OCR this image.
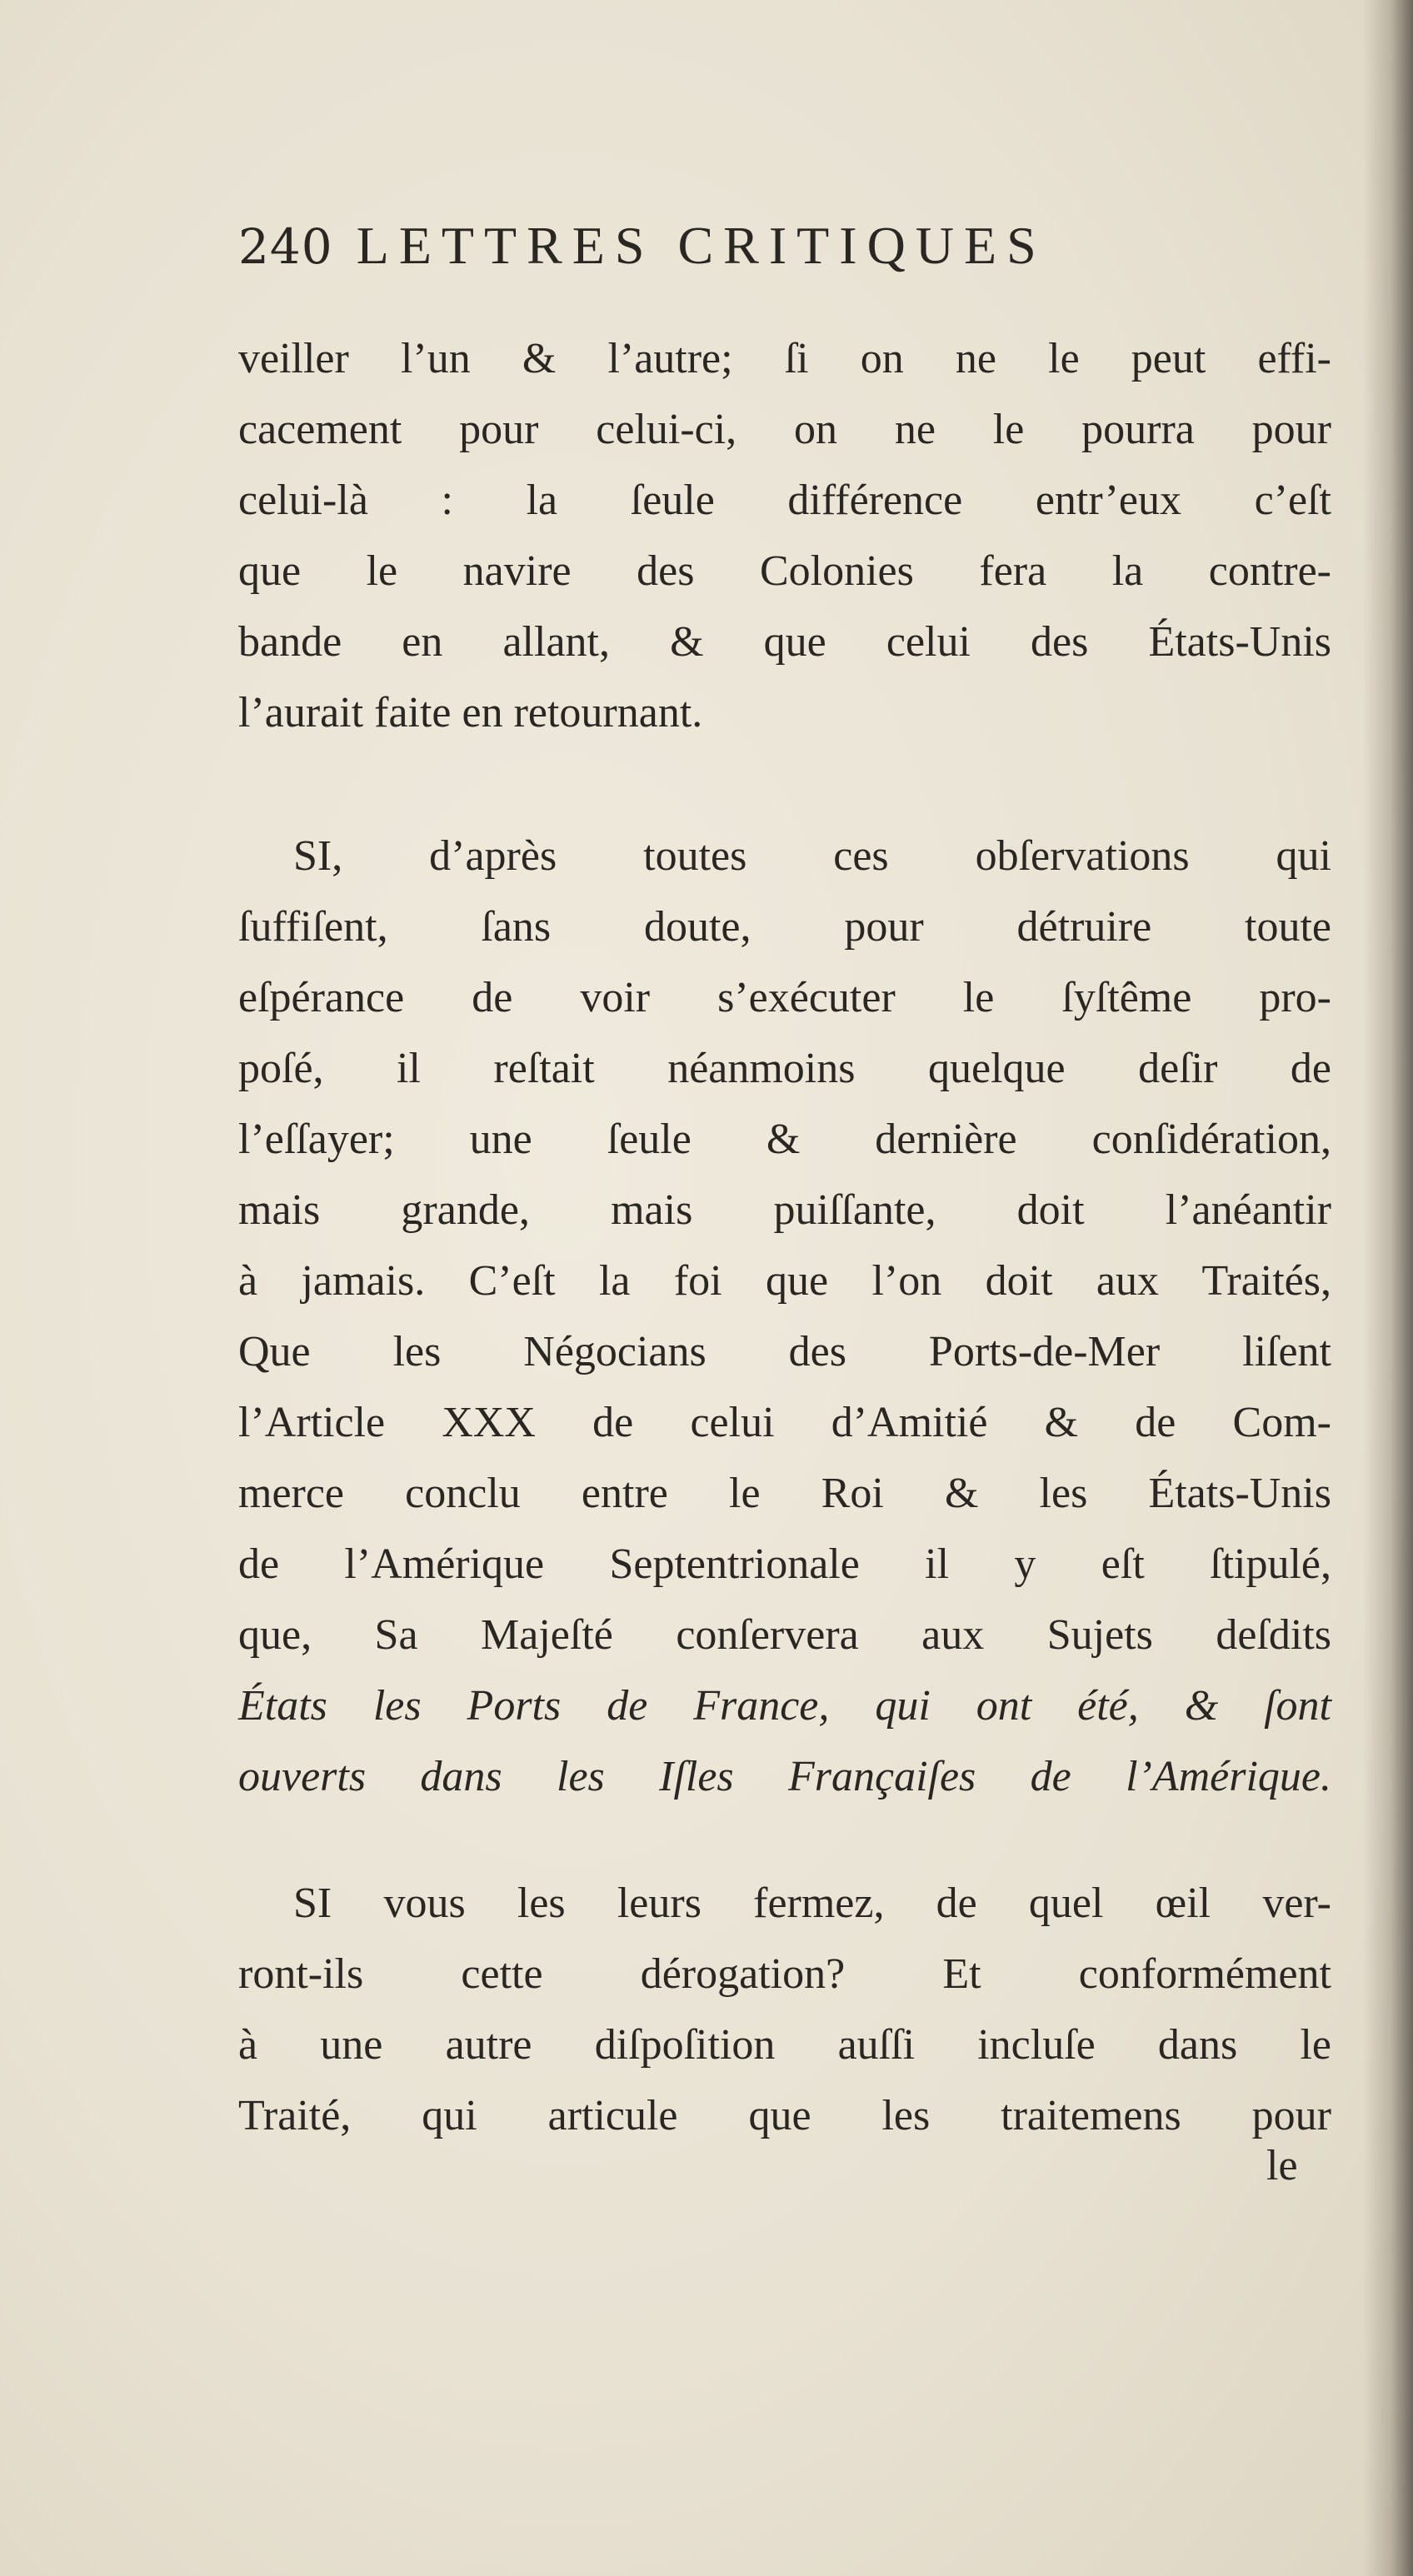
240 LETTRES CRITIQUES
veiller l’un & l’autre; ſi on ne le peut effi-
cacement pour celui-ci, on ne le pourra pour
celui-là : la ſeule différence entr’eux c’eſt
que le navire des Colonies fera la contre-
bande en allant, & que celui des États-Unis
l’aurait faite en retournant.
SI, d’après toutes ces obſervations qui
ſuffiſent, ſans doute, pour détruire toute
eſpérance de voir s’exécuter le ſyſtême pro-
poſé, il reſtait néanmoins quelque deſir de
l’eſſayer; une ſeule & dernière conſidération,
mais grande, mais puiſſante, doit l’anéantir
à jamais. C’eſt la foi que l’on doit aux Traités,
Que les Négocians des Ports-de-Mer liſent
l’Article XXX de celui d’Amitié & de Com-
merce conclu entre le Roi & les États-Unis
de l’Amérique Septentrionale il y eſt ſtipulé,
que, Sa Majeſté conſervera aux Sujets deſdits
États les Ports de France, qui ont été, & ſont
ouverts dans les Iſles Françaiſes de l’Amérique.
SI vous les leurs fermez, de quel œil ver-
ront-ils cette dérogation? Et conformément
à une autre diſpoſition auſſi incluſe dans le
Traité, qui articule que les traitemens pour
le
